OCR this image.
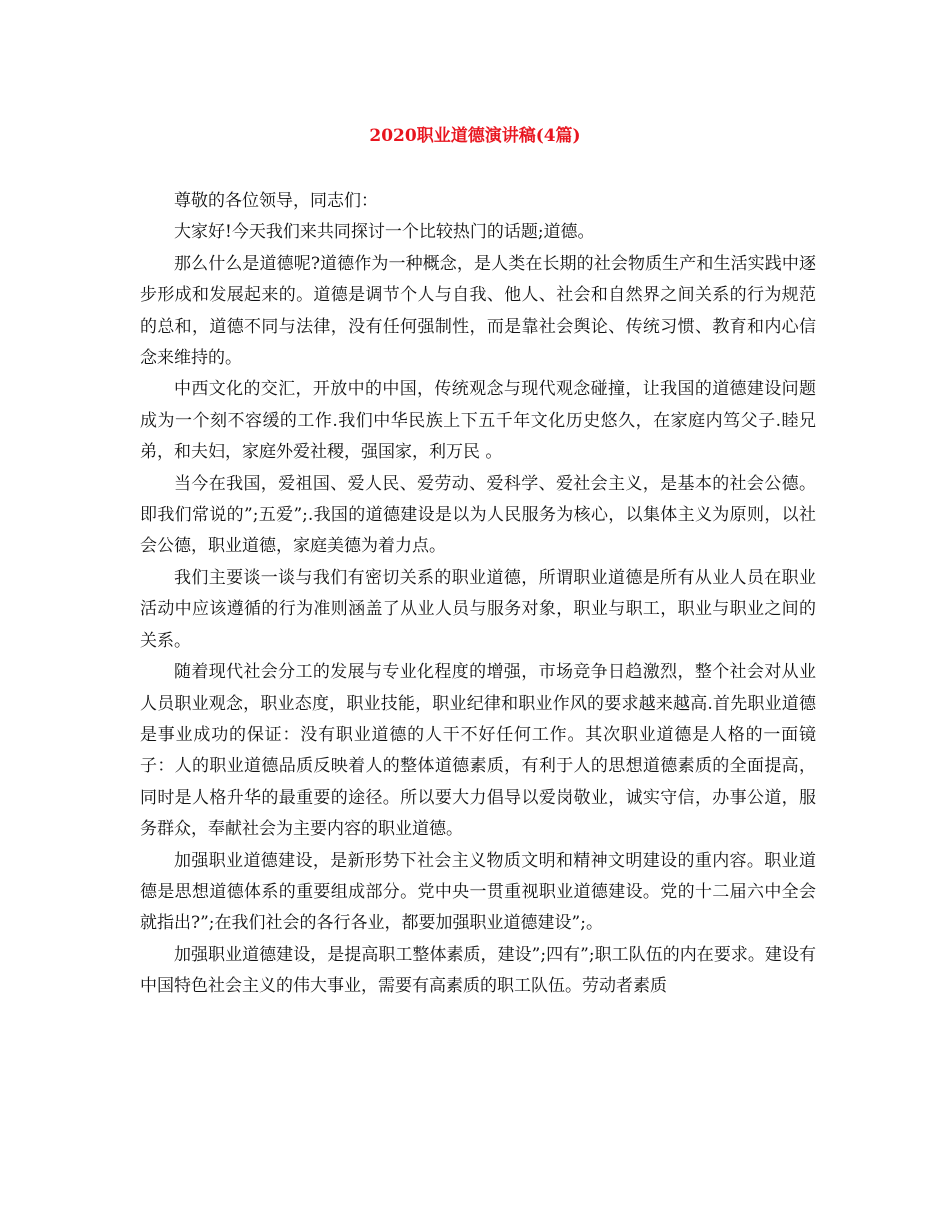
2020职业道德演讲稿(4篇)

尊敬的各位领导，同志们：

大家好!今天我们来共同探讨一个比较热门的话题;道德。

那么什么是道德呢?道德作为一种概念，是人类在长期的社会物质生产和生活实践中逐步形成和发展起来的。道德是调节个人与自我、他人、社会和自然界之间关系的行为规范的总和，道德不同与法律，没有任何强制性，而是靠社会舆论、传统习惯、教育和内心信念来维持的。

中西文化的交汇，开放中的中国，传统观念与现代观念碰撞，让我国的道德建设问题成为一个刻不容缓的工作.我们中华民族上下五千年文化历史悠久，在家庭内笃父子.睦兄弟，和夫妇，家庭外爱社稷，强国家，利万民 。

当今在我国，爱祖国、爱人民、爱劳动、爱科学、爱社会主义，是基本的社会公德。即我们常说的”;五爱”;.我国的道德建设是以为人民服务为核心，以集体主义为原则，以社会公德，职业道德，家庭美德为着力点。

我们主要谈一谈与我们有密切关系的职业道德，所谓职业道德是所有从业人员在职业活动中应该遵循的行为准则涵盖了从业人员与服务对象，职业与职工，职业与职业之间的关系。

随着现代社会分工的发展与专业化程度的增强，市场竞争日趋激烈，整个社会对从业人员职业观念，职业态度，职业技能，职业纪律和职业作风的要求越来越高.首先职业道德是事业成功的保证：没有职业道德的人干不好任何工作。其次职业道德是人格的一面镜子：人的职业道德品质反映着人的整体道德素质，有利于人的思想道德素质的全面提高，同时是人格升华的最重要的途径。所以要大力倡导以爱岗敬业，诚实守信，办事公道，服务群众，奉献社会为主要内容的职业道德。

加强职业道德建设，是新形势下社会主义物质文明和精神文明建设的重内容。职业道德是思想道德体系的重要组成部分。党中央一贯重视职业道德建设。党的十二届六中全会就指出?”;在我们社会的各行各业，都要加强职业道德建设”;。

加强职业道德建设，是提高职工整体素质，建设”;四有”;职工队伍的内在要求。建设有中国特色社会主义的伟大事业，需要有高素质的职工队伍。劳动者素质
